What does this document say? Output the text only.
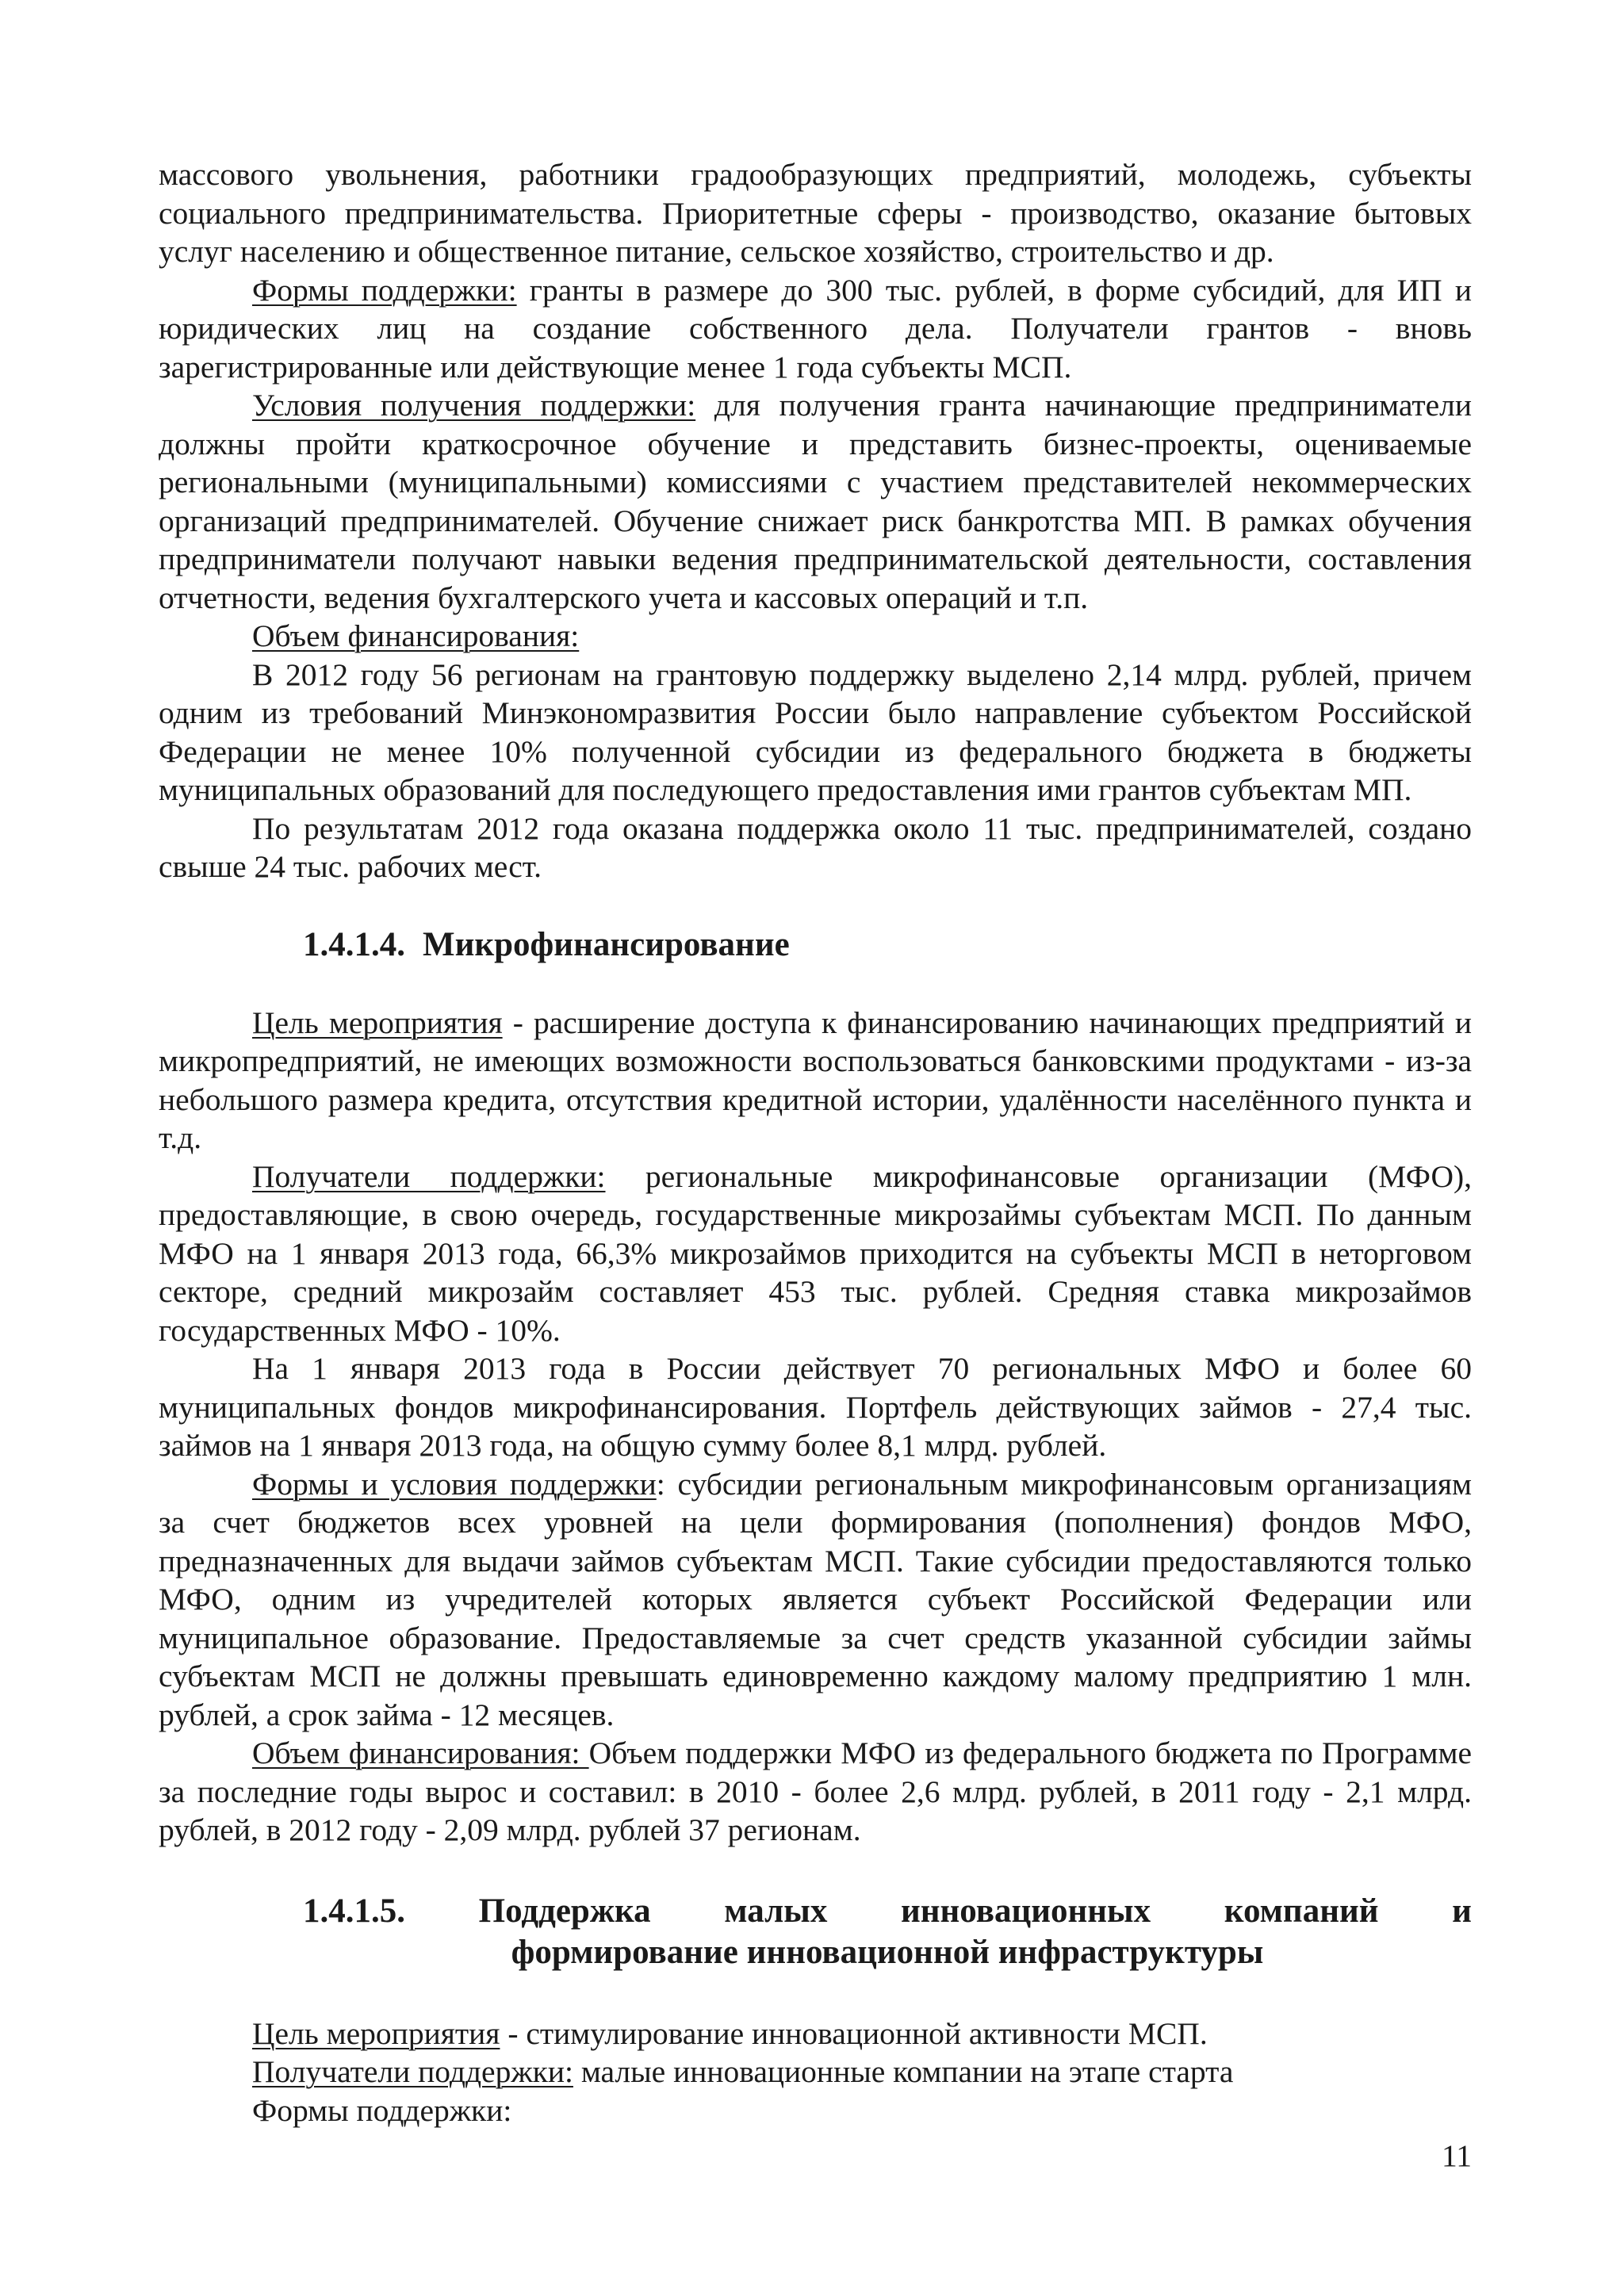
массового увольнения, работники градообразующих предприятий, молодежь, субъекты социального предпринимательства. Приоритетные сферы - производство, оказание бытовых услуг населению и общественное питание, сельское хозяйство, строительство и др.

Формы поддержки: гранты в размере до 300 тыс. рублей, в форме субсидий, для ИП и юридических лиц на создание собственного дела. Получатели грантов - вновь зарегистрированные или действующие менее 1 года субъекты МСП.

Условия получения поддержки: для получения гранта начинающие предприниматели должны пройти краткосрочное обучение и представить бизнес-проекты, оцениваемые региональными (муниципальными) комиссиями с участием представителей некоммерческих организаций предпринимателей. Обучение снижает риск банкротства МП. В рамках обучения предприниматели получают навыки ведения предпринимательской деятельности, составления отчетности, ведения бухгалтерского учета и кассовых операций и т.п.

Объем финансирования:

В 2012 году 56 регионам на грантовую поддержку выделено 2,14 млрд. рублей, причем одним из требований Минэкономразвития России было направление субъектом Российской Федерации не менее 10% полученной субсидии из федерального бюджета в бюджеты муниципальных образований для последующего предоставления ими грантов субъектам МП.

По результатам 2012 года оказана поддержка около 11 тыс. предпринимателей, создано свыше 24 тыс. рабочих мест.

1.4.1.4. Микрофинансирование

Цель мероприятия - расширение доступа к финансированию начинающих предприятий и микропредприятий, не имеющих возможности воспользоваться банковскими продуктами - из-за небольшого размера кредита, отсутствия кредитной истории, удалённости населённого пункта и т.д.

Получатели поддержки: региональные микрофинансовые организации (МФО), предоставляющие, в свою очередь, государственные микрозаймы субъектам МСП. По данным МФО на 1 января 2013 года, 66,3% микрозаймов приходится на субъекты МСП в неторговом секторе, средний микрозайм составляет 453 тыс. рублей. Средняя ставка микрозаймов государственных МФО - 10%.

На 1 января 2013 года в России действует 70 региональных МФО и более 60 муниципальных фондов микрофинансирования. Портфель действующих займов - 27,4 тыс. займов на 1 января 2013 года, на общую сумму более 8,1 млрд. рублей.

Формы и условия поддержки: субсидии региональным микрофинансовым организациям за счет бюджетов всех уровней на цели формирования (пополнения) фондов МФО, предназначенных для выдачи займов субъектам МСП. Такие субсидии предоставляются только МФО, одним из учредителей которых является субъект Российской Федерации или муниципальное образование. Предоставляемые за счет средств указанной субсидии займы субъектам МСП не должны превышать единовременно каждому малому предприятию 1 млн. рублей, а срок займа - 12 месяцев.

Объем финансирования: Объем поддержки МФО из федерального бюджета по Программе за последние годы вырос и составил: в 2010 - более 2,6 млрд. рублей, в 2011 году - 2,1 млрд. рублей, в 2012 году - 2,09 млрд. рублей 37 регионам.

1.4.1.5. Поддержка малых инновационных компаний и
формирование инновационной инфраструктуры

Цель мероприятия - стимулирование инновационной активности МСП.

Получатели поддержки: малые инновационные компании на этапе старта

Формы поддержки:

11
